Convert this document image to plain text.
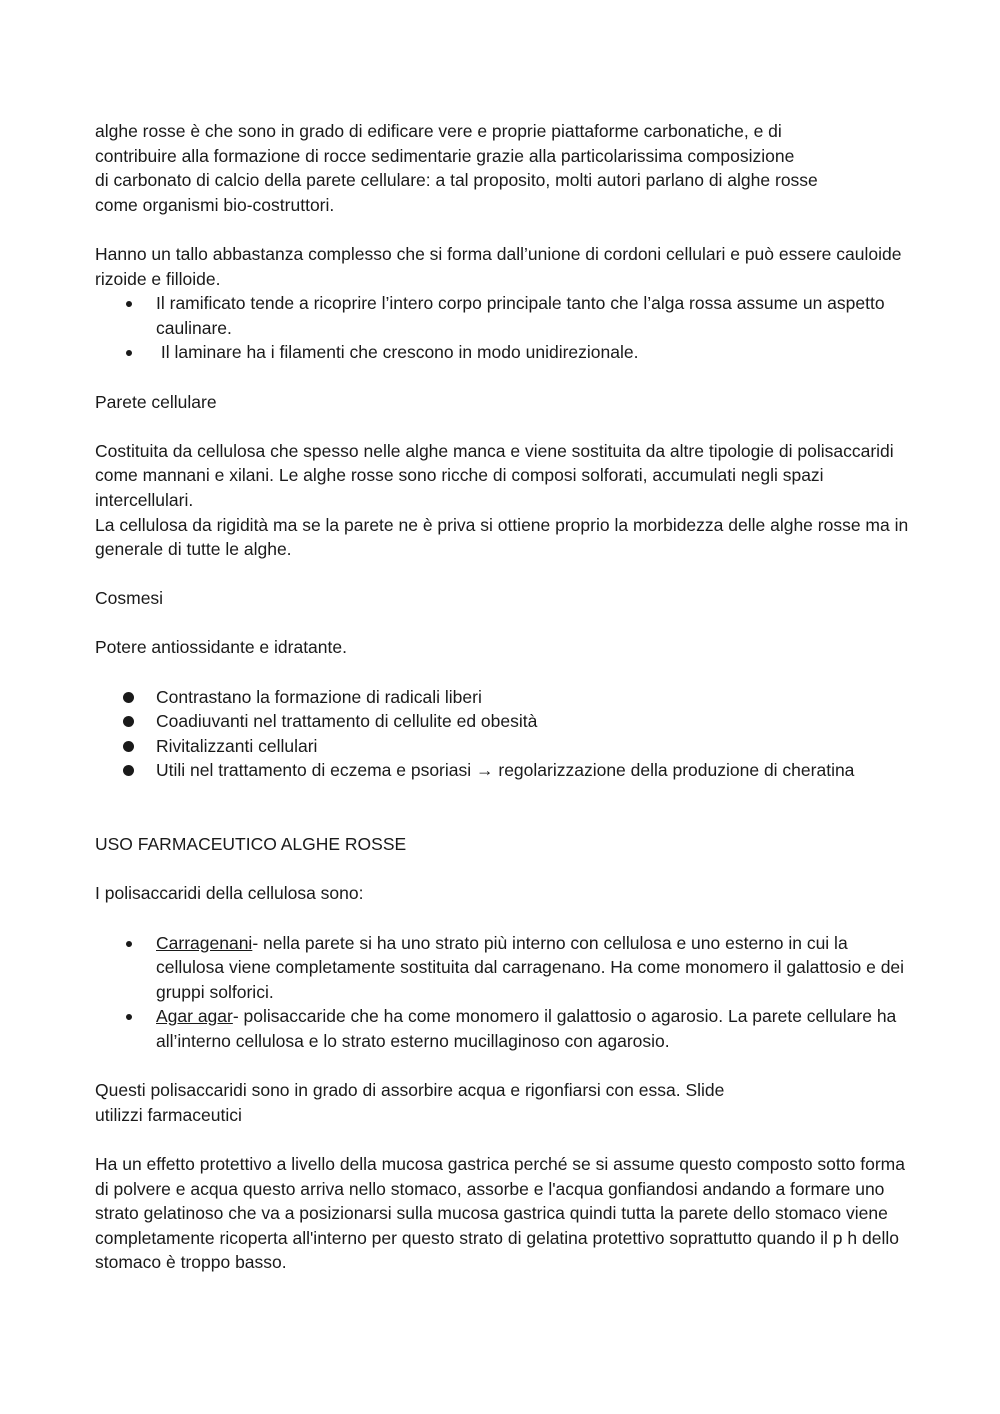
alghe rosse è che sono in grado di edificare vere e proprie piattaforme carbonatiche, e di

contribuire alla formazione di rocce sedimentarie grazie alla particolarissima composizione

di carbonato di calcio della parete cellulare: a tal proposito, molti autori parlano di alghe rosse

come organismi bio-costruttori.

Hanno un tallo abbastanza complesso che si forma dall’unione di cordoni cellulari e può essere cauloide rizoide e filloide.

Il ramificato tende a ricoprire l’intero corpo principale tanto che l’alga rossa assume un aspetto caulinare.
Il laminare ha i filamenti che crescono in modo unidirezionale.

Parete cellulare

Costituita da cellulosa che spesso nelle alghe manca e viene sostituita da altre tipologie di polisaccaridi come mannani e xilani. Le alghe rosse sono ricche di composi solforati, accumulati negli spazi intercellulari.

La cellulosa da rigidità ma se la parete ne è priva si ottiene proprio la morbidezza delle alghe rosse ma in generale di tutte le alghe.

Cosmesi

Potere antiossidante e idratante.

Contrastano la formazione di radicali liberi
Coadiuvanti nel trattamento di cellulite ed obesità
Rivitalizzanti cellulari
Utili nel trattamento di eczema e psoriasi → regolarizzazione della produzione di cheratina

USO FARMACEUTICO ALGHE ROSSE

I polisaccaridi della cellulosa sono:

Carragenani- nella parete si ha uno strato più interno con cellulosa e uno esterno in cui la cellulosa viene completamente sostituita dal carragenano. Ha come monomero il galattosio e dei gruppi solforici.
Agar agar- polisaccaride che ha come monomero il galattosio o agarosio. La parete cellulare ha all’interno cellulosa e lo strato esterno mucillaginoso con agarosio.

Questi polisaccaridi sono in grado di assorbire acqua e rigonfiarsi con essa. Slide utilizzi farmaceutici

Ha un effetto protettivo a livello della mucosa gastrica perché se si assume questo composto sotto forma di polvere e acqua questo arriva nello stomaco, assorbe e l'acqua gonfiandosi andando a formare uno strato gelatinoso che va a posizionarsi sulla mucosa gastrica quindi tutta la parete dello stomaco viene completamente ricoperta all'interno per questo strato di gelatina protettivo soprattutto quando il p h dello stomaco è troppo basso.
